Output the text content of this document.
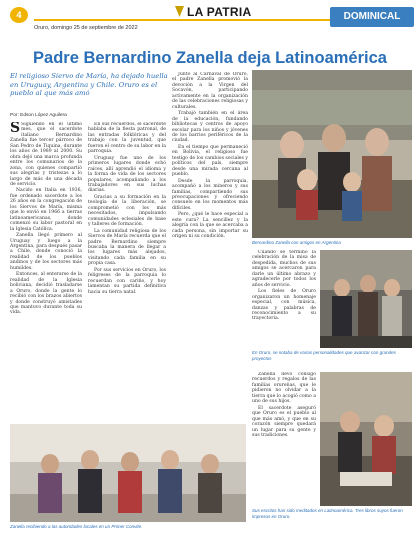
4
Oruro, domingo 25 de septiembre de 2022
LA PATRIA	DOMINICAL
Padre Bernardino Zanella deja Latinoamérica
El religioso Siervo de María, ha dejado huella en Uruguay, Argentina y Chile. Oruro es el pueblo al que más amó
Por: Edson López Aguilera

S Siguiendo en el último mes, que el sacerdote italiano Bernardino Zanella fue tercer párroco de San Pedro de Tiquina, durante los años de 1989 al 2000. Su obra dejó una marca profunda entre los comunarios de la zona, con quienes compartió sus alegrías y tristezas a lo largo de más de una década de servicio.

Nacido en Italia en 1936, fue ordenado sacerdote a los 26 años en la congregación de los Siervos de María, misma que lo envió en 1966 a tierras latinoamericanas, donde comenzó su labor pastoral en la Iglesia Católica.

Zanella llegó primero al Uruguay y luego a la Argentina, para después pasar a Chile, donde conoció la realidad de los pueblos andinos y de los sectores más humildes.

Entonces, al enterarse de la realidad de la Iglesia boliviana, decidió trasladarse a Oruro, donde la gente lo recibió con los brazos abiertos y donde construyó amistades que mantuvo durante toda su vida.

En sus recuerdos, el sacerdote hablaba de la fiesta patronal, de las entradas folklóricas y del trabajo con la juventud, que fueron el centro de su labor en la parroquia.

Uruguay fue uno de los primeros lugares donde echó raíces, allí aprendió el idioma y la forma de vida de los sectores populares, acompañando a los trabajadores en sus luchas diarias.

Gracias a su formación en la teología de la liberación, se comprometió con los más necesitados, impulsando comunidades eclesiales de base y talleres de formación.

La comunidad religiosa de los Siervos de María recuerda que el padre Bernardino siempre buscaba la manera de llegar a los lugares más alejados, visitando cada familia en su propia casa.

Por sus servicios en Oruro, los feligreses de la parroquia lo recuerdan con cariño, y hoy lamentan su partida definitiva hacia su tierra natal.

Junto al Carnaval de Oruro, el padre Zanella promovió la devoción a la Virgen del Socavón, participando activamente en la organización de las celebraciones religiosas y culturales.

Trabajó también en el área de la educación, fundando bibliotecas y centros de apoyo escolar para los niños y jóvenes de los barrios periféricos de la ciudad.

En el tiempo que permaneció en Bolivia, el religioso fue testigo de los cambios sociales y políticos del país, siempre desde una mirada cercana al pueblo.

Desde la parroquia, acompañó a los mineros y sus familias, compartiendo sus preocupaciones y ofreciendo consuelo en los momentos más difíciles.

Pero, ¿qué le hace especial a este cura? La sencillez y la alegría con la que se acercaba a cada persona, sin importar su origen ni su condición.

Cuando se terminó la celebración de la misa de despedida, muchos de sus amigos se acercaron para darle un último abrazo y agradecerle por todos los años de servicio.

Los fieles de Oruro organizaron un homenaje especial, con música, danzas y palabras de reconocimiento a su trayectoria.

Zanella llevó consigo recuerdos y regalos de las familias orureñas, que le pidieron no olvidar a la tierra que lo acogió como a uno de sus hijos.

El sacerdote aseguró que Oruro es el pueblo al que más amó, y que en su corazón siempre quedará un lugar para su gente y sus tradiciones.

Bernardino Zanella con amigos en Argentina
En Oruro, se notaba de varias personalidades que avanzar con grandes proyectos
Zanella recibiendo a las autoridades locales en un Primer Convite.
Sus escritos han sido meditados en Latinoamérica. Tres libros suyos fueron impresos en Oruro.
